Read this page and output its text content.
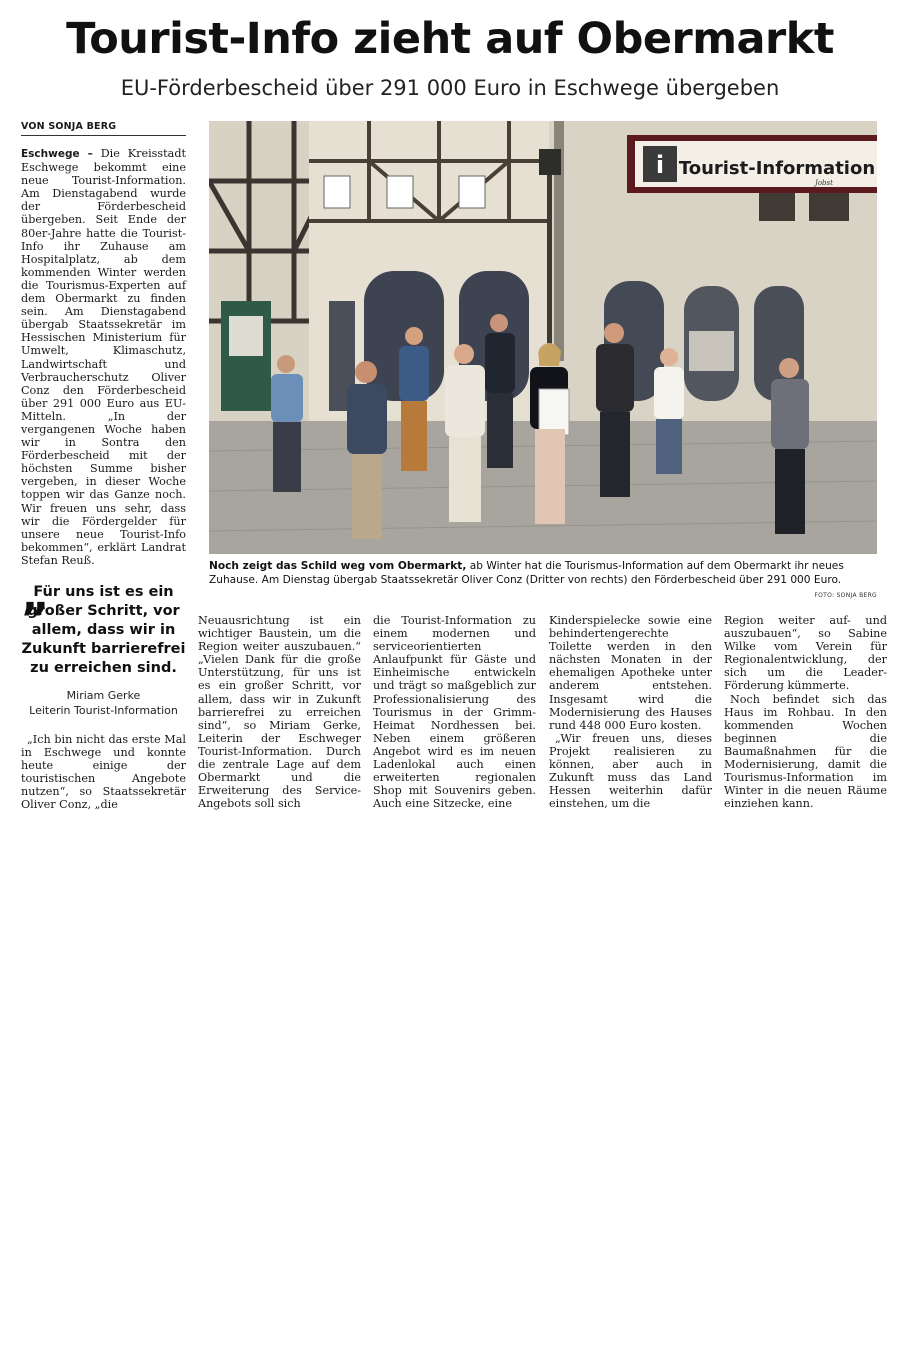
Tourist-Info zieht auf Obermarkt
EU-Förderbescheid über 291 000 Euro in Eschwege übergeben
VON SONJA BERG

Eschwege – Die Kreisstadt Eschwege bekommt eine neue Tourist-Information. Am Dienstagabend wurde der Förderbescheid übergeben. Seit Ende der 80er-Jahre hatte die Tourist-Info ihr Zuhause am Hospitalplatz, ab dem kommenden Winter werden die Tourismus-Experten auf dem Obermarkt zu finden sein. Am Dienstagabend übergab Staatssekretär im Hessischen Ministerium für Umwelt, Klimaschutz, Landwirtschaft und Verbraucherschutz Oliver Conz den Förderbescheid über 291 000 Euro aus EU-Mitteln. „In der vergangenen Woche haben wir in Sontra den Förderbescheid mit der höchsten Summe bisher vergeben, in dieser Woche toppen wir das Ganze noch. Wir freuen uns sehr, dass wir die Fördergelder für unsere neue Tourist-Info bekommen“, erklärt Landrat Stefan Reuß.

i Tourist-Information
Jobst
Noch zeigt das Schild weg vom Obermarkt, ab Winter hat die Tourismus-Information auf dem Obermarkt ihr neues Zuhause. Am Dienstag übergab Staatssekretär Oliver Conz (Dritter von rechts) den Förderbescheid über 291 000 Euro.
FOTO: SONJA BERG
„
Für uns ist es ein großer Schritt, vor allem, dass wir in Zukunft barrierefrei zu erreichen sind.
Miriam Gerke
Leiterin Tourist-Information

„Ich bin nicht das erste Mal in Eschwege und konnte heute einige der touristischen Angebote nutzen“, so Staatssekretär Oliver Conz, „die

Neuausrichtung ist ein wichtiger Baustein, um die Region weiter auszubauen.“ „Vielen Dank für die große Unterstützung, für uns ist es ein großer Schritt, vor allem, dass wir in Zukunft barrierefrei zu erreichen sind“, so Miriam Gerke, Leiterin der Eschweger Tourist-Information. Durch die zentrale Lage auf dem Obermarkt und die Erweiterung des Service-Angebots soll sich

die Tourist-Information zu einem modernen und serviceorientierten Anlaufpunkt für Gäste und Einheimische entwickeln und trägt so maßgeblich zur Professionalisierung des Tourismus in der Grimm-Heimat Nordhessen bei. Neben einem größeren Angebot wird es im neuen Ladenlokal auch einen erweiterten regionalen Shop mit Souvenirs geben. Auch eine Sitzecke, eine

Kinderspielecke sowie eine behindertengerechte Toilette werden in den nächsten Monaten in der ehemaligen Apotheke unter anderem entstehen. Insgesamt wird die Modernisierung des Hauses rund 448 000 Euro kosten.

„Wir freuen uns, dieses Projekt realisieren zu können, aber auch in Zukunft muss das Land Hessen weiterhin dafür einstehen, um die

Region weiter auf- und auszubauen“, so Sabine Wilke vom Verein für Regionalentwicklung, der sich um die Leader-Förderung kümmerte.

Noch befindet sich das Haus im Rohbau. In den kommenden Wochen beginnen die Baumaßnahmen für die Modernisierung, damit die Tourismus-Information im Winter in die neuen Räume einziehen kann.
